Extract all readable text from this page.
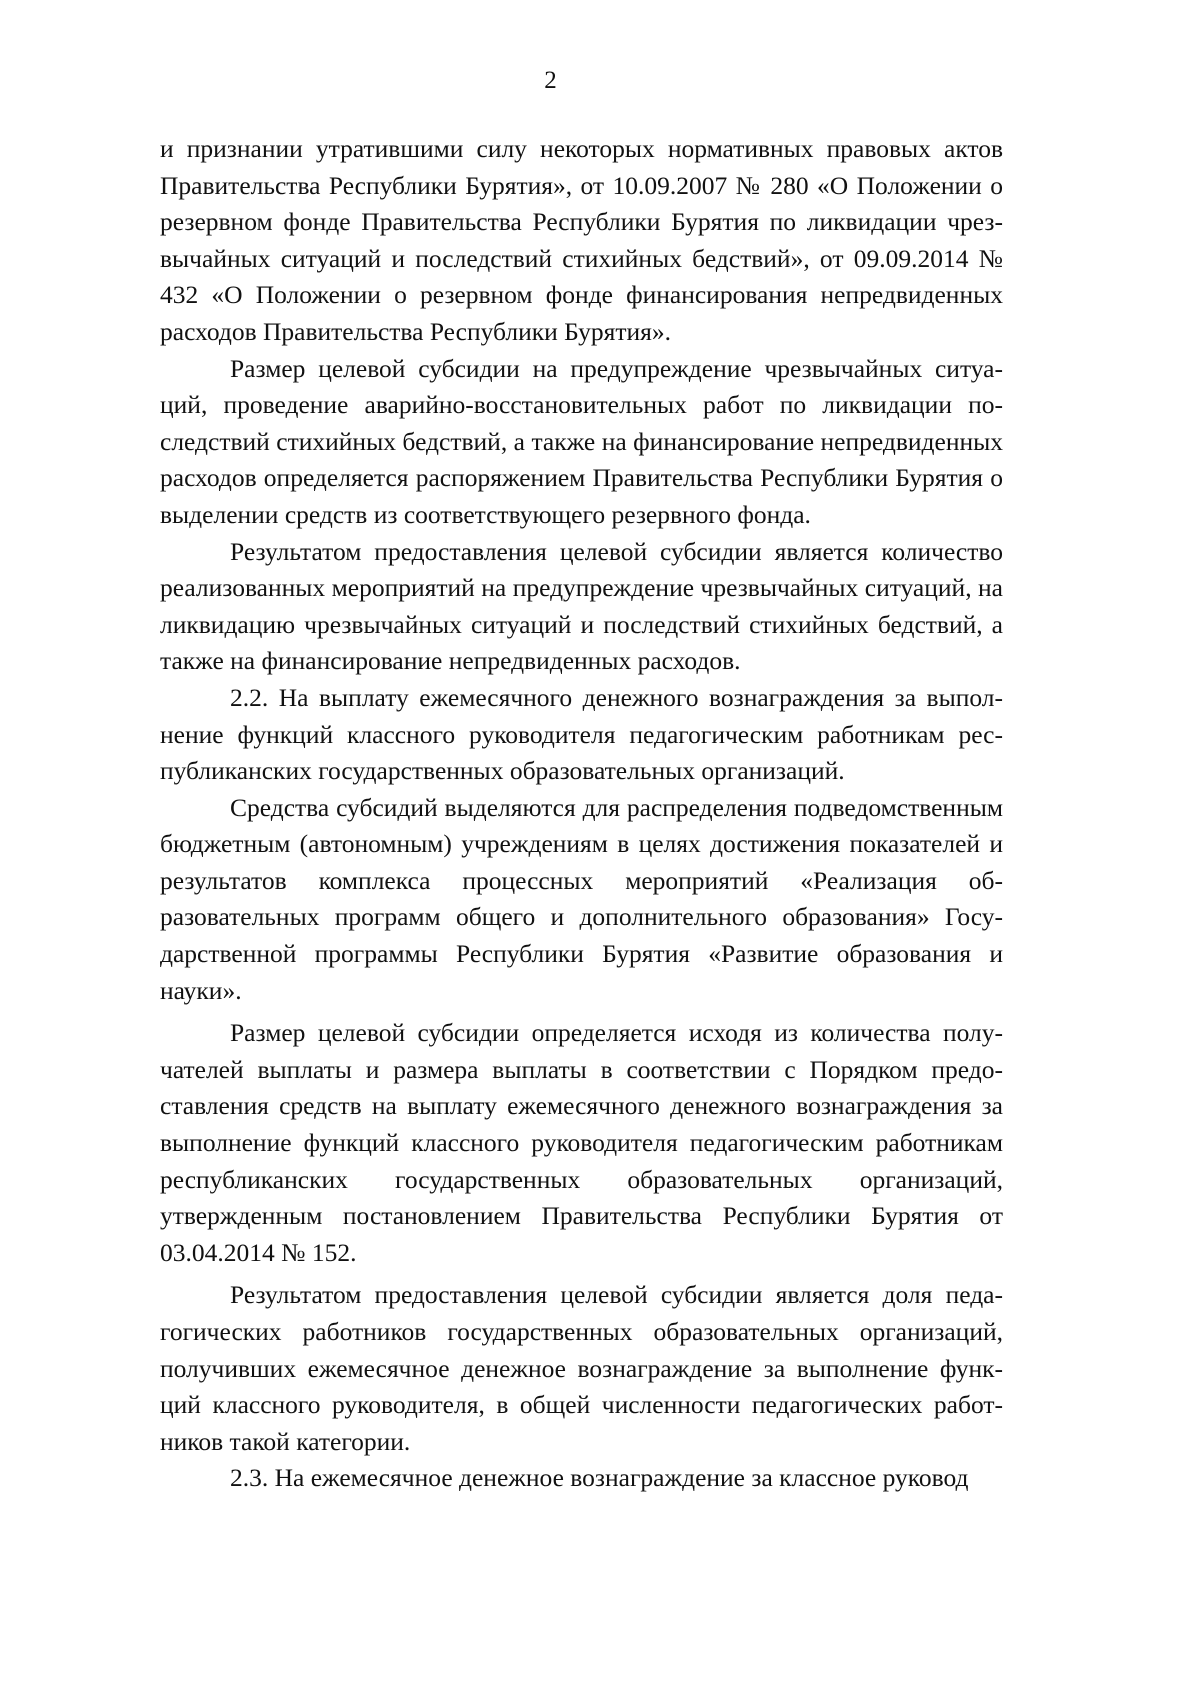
2

и признании утратившими силу некоторых нормативных правовых актов Правительства Республики Бурятия», от 10.09.2007 № 280 «О Положении о резервном фонде Правительства Республики Бурятия по ликвидации чрезвычайных ситуаций и последствий стихийных бедствий», от 09.09.2014 № 432 «О Положении о резервном фонде финансирования непредвиденных расходов Правительства Республики Бурятия».

Размер целевой субсидии на предупреждение чрезвычайных ситуаций, проведение аварийно-восстановительных работ по ликвидации последствий стихийных бедствий, а также на финансирование непредвиденных расходов определяется распоряжением Правительства Республики Бурятия о выделении средств из соответствующего резервного фонда.

Результатом предоставления целевой субсидии является количество реализованных мероприятий на предупреждение чрезвычайных ситуаций, на ликвидацию чрезвычайных ситуаций и последствий стихийных бедствий, а также на финансирование непредвиденных расходов.

2.2. На выплату ежемесячного денежного вознаграждения за выполнение функций классного руководителя педагогическим работникам республиканских государственных образовательных организаций.

Средства субсидий выделяются для распределения подведомственным бюджетным (автономным) учреждениям в целях достижения показателей и результатов комплекса процессных мероприятий «Реализация образовательных программ общего и дополнительного образования» Государственной программы Республики Бурятия «Развитие образования и науки».

Размер целевой субсидии определяется исходя из количества получателей выплаты и размера выплаты в соответствии с Порядком предоставления средств на выплату ежемесячного денежного вознаграждения за выполнение функций классного руководителя педагогическим работникам республиканских государственных образовательных организаций, утвержденным постановлением Правительства Республики Бурятия от 03.04.2014 № 152.

Результатом предоставления целевой субсидии является доля педагогических работников государственных образовательных организаций, получивших ежемесячное денежное вознаграждение за выполнение функций классного руководителя, в общей численности педагогических работников такой категории.

2.3. На ежемесячное денежное вознаграждение за классное руковод
